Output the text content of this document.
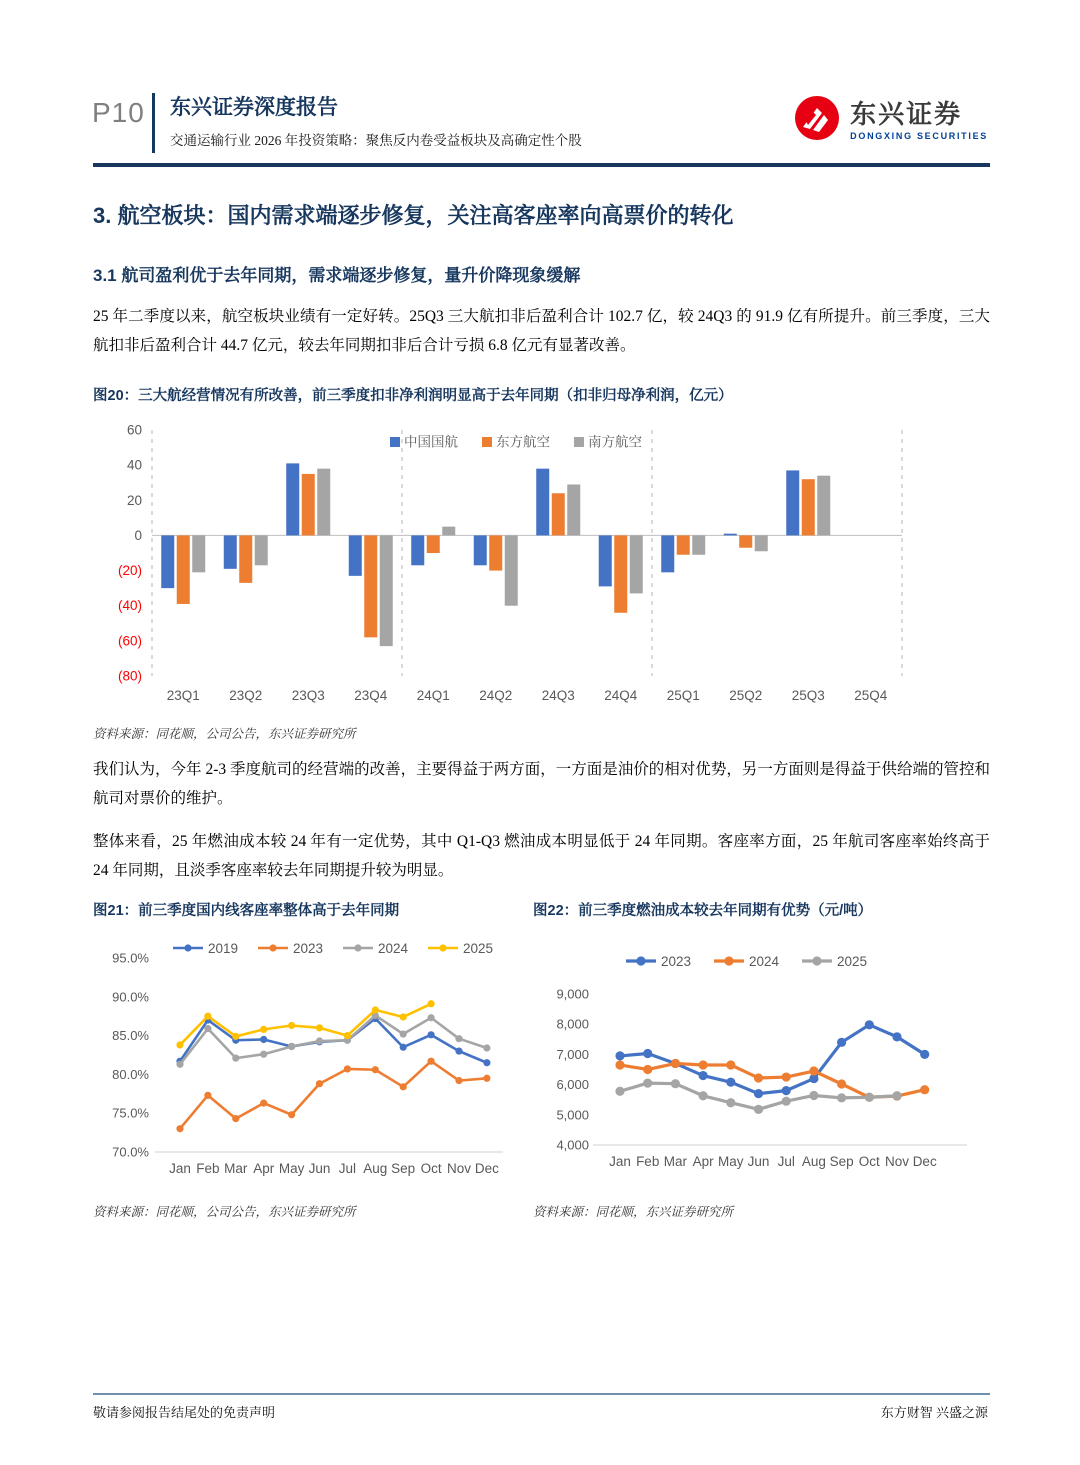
P10 东兴证券深度报告
交通运输行业 2026 年投资策略：聚焦反内卷受益板块及高确定性个股
东兴证券
DONGXING SECURITIES
3. 航空板块：国内需求端逐步修复，关注高客座率向高票价的转化
3.1 航司盈利优于去年同期，需求端逐步修复，量升价降现象缓解
25 年二季度以来，航空板块业绩有一定好转。25Q3 三大航扣非后盈利合计 102.7 亿，较 24Q3 的 91.9 亿有所提升。前三季度，三大航扣非后盈利合计 44.7 亿元，较去年同期扣非后合计亏损 6.8 亿元有显著改善。
图20：三大航经营情况有所改善，前三季度扣非净利润明显高于去年同期（扣非归母净利润，亿元）
60
40
20
0
(20)
(40)
(60)
(80)
23Q1 23Q2 23Q3 23Q4 24Q1 24Q2 24Q3 24Q4 25Q1 25Q2 25Q3 25Q4
中国国航	东方航空	南方航空
资料来源：同花顺，公司公告，东兴证券研究所
我们认为，今年 2-3 季度航司的经营端的改善，主要得益于两方面，一方面是油价的相对优势，另一方面则是得益于供给端的管控和航司对票价的维护。
整体来看，25 年燃油成本较 24 年有一定优势，其中 Q1-Q3 燃油成本明显低于 24 年同期。客座率方面，25 年航司客座率始终高于 24 年同期，且淡季客座率较去年同期提升较为明显。
图21：前三季度国内线客座率整体高于去年同期	图22：前三季度燃油成本较去年同期有优势（元/吨）
95.0%
90.0%
85.0%
80.0%
75.0%
70.0%
Jan Feb Mar Apr May Jun Jul Aug Sep Oct Nov Dec
2019	2023	2024	2025
9,000
8,000
7,000
6,000
5,000
4,000
Jan Feb Mar Apr May Jun Jul Aug Sep Oct Nov Dec
2023	2024	2025
资料来源：同花顺，公司公告，东兴证券研究所	资料来源：同花顺，东兴证券研究所
敬请参阅报告结尾处的免责声明	东方财智 兴盛之源
